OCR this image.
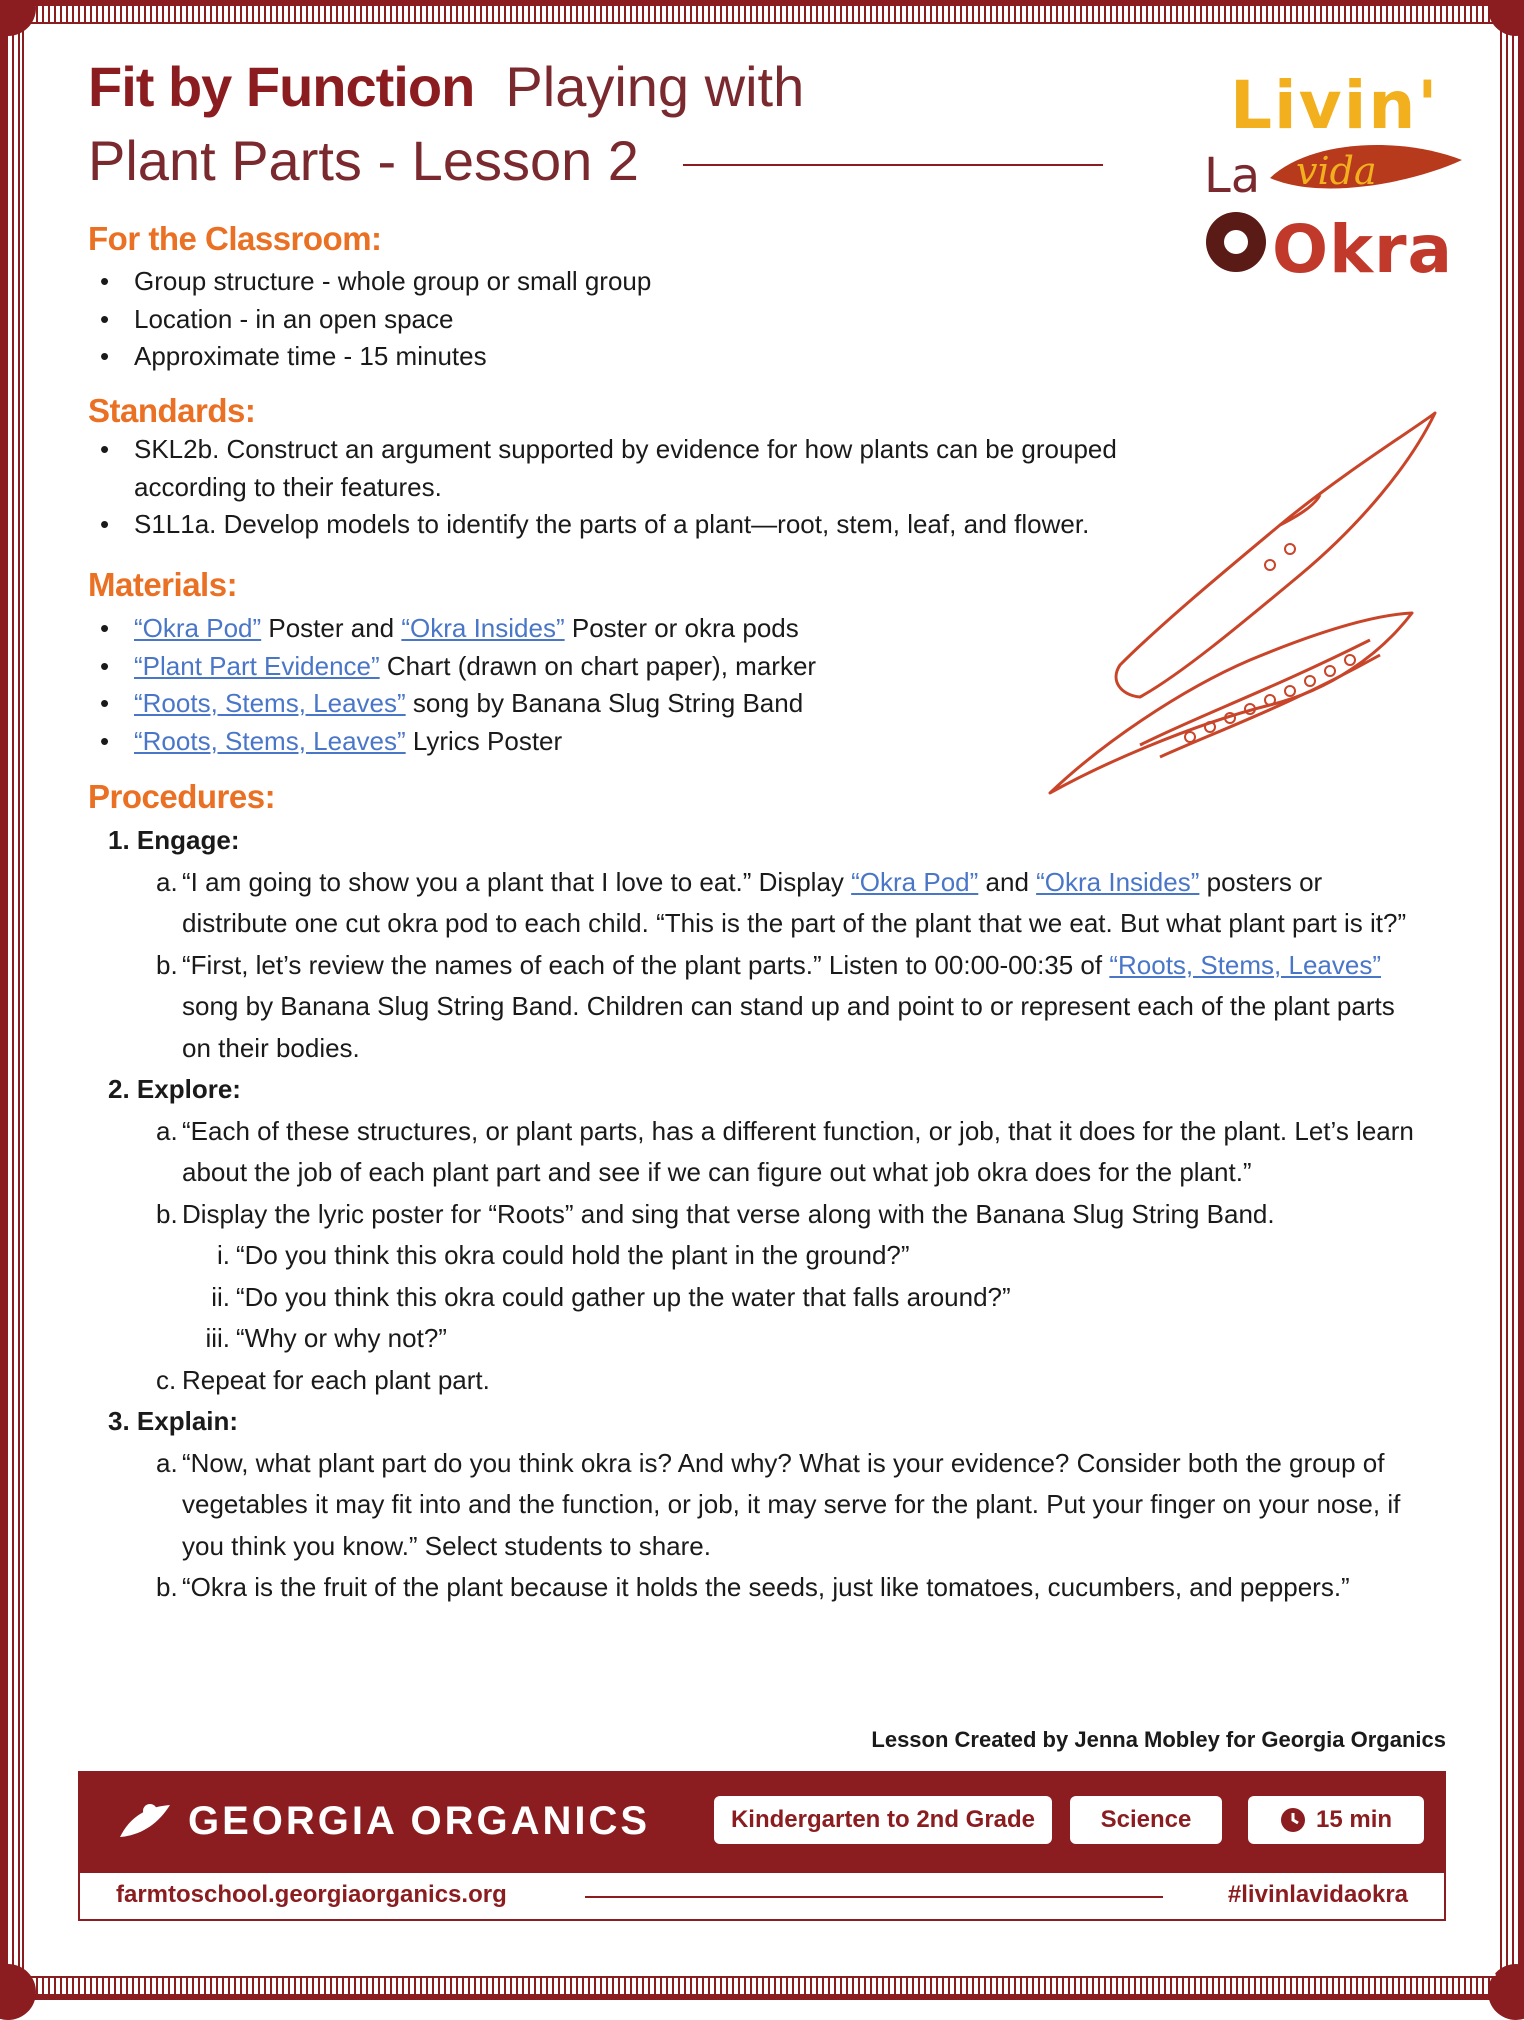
Fit by Function Playing with
Plant Parts - Lesson 2
Livin'
La vida
Okra
For the Classroom:
• Group structure - whole group or small group
• Location - in an open space
• Approximate time - 15 minutes
Standards:
• SKL2b. Construct an argument supported by evidence for how plants can be grouped according to their features.
• S1L1a. Develop models to identify the parts of a plant—root, stem, leaf, and flower.
Materials:
• “Okra Pod” Poster and “Okra Insides” Poster or okra pods
• “Plant Part Evidence” Chart (drawn on chart paper), marker
• “Roots, Stems, Leaves” song by Banana Slug String Band
• “Roots, Stems, Leaves” Lyrics Poster
Procedures:
1. Engage:
a. “I am going to show you a plant that I love to eat.” Display “Okra Pod” and “Okra Insides” posters or distribute one cut okra pod to each child. “This is the part of the plant that we eat. But what plant part is it?”
b. “First, let’s review the names of each of the plant parts.” Listen to 00:00-00:35 of “Roots, Stems, Leaves” song by Banana Slug String Band. Children can stand up and point to or represent each of the plant parts on their bodies.
2. Explore:
a. “Each of these structures, or plant parts, has a different function, or job, that it does for the plant. Let’s learn about the job of each plant part and see if we can figure out what job okra does for the plant.”
b. Display the lyric poster for “Roots” and sing that verse along with the Banana Slug String Band.
i. “Do you think this okra could hold the plant in the ground?”
ii. “Do you think this okra could gather up the water that falls around?”
iii. “Why or why not?”
c. Repeat for each plant part.
3. Explain:
a. “Now, what plant part do you think okra is? And why? What is your evidence? Consider both the group of vegetables it may fit into and the function, or job, it may serve for the plant. Put your finger on your nose, if you think you know.” Select students to share.
b. “Okra is the fruit of the plant because it holds the seeds, just like tomatoes, cucumbers, and peppers.”
Lesson Created by Jenna Mobley for Georgia Organics
GEORGIA ORGANICS	Kindergarten to 2nd Grade	Science	15 min
farmtoschool.georgiaorganics.org	#livinlavidaokra
1
